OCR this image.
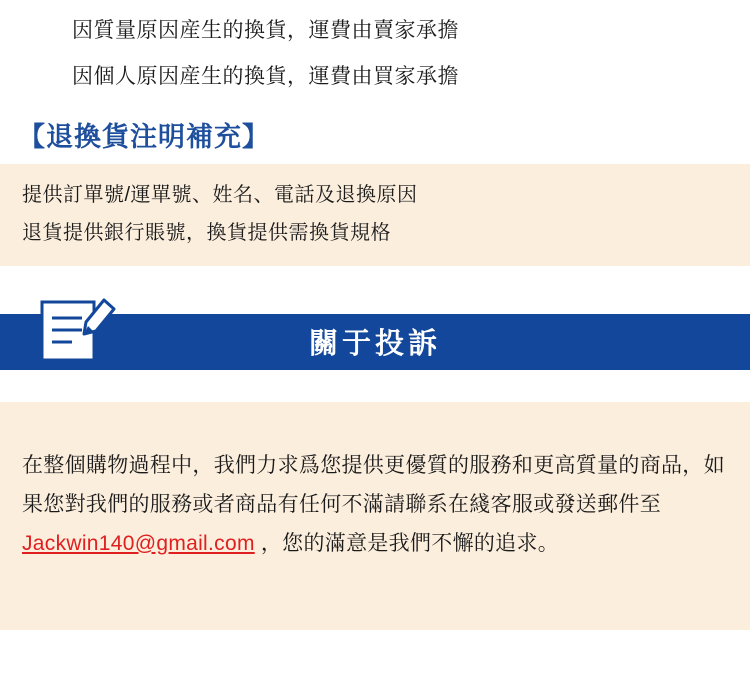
因質量原因産生的換貨，運費由賣家承擔
因個人原因産生的換貨，運費由買家承擔
【退換貨注明補充】
提供訂單號/運單號、姓名、電話及退換原因
退貨提供銀行賬號，換貨提供需換貨規格
關于投訴

在整個購物過程中，我們力求爲您提供更優質的服務和更高質量的商品，如果您對我們的服務或者商品有任何不滿請聯系在綫客服或發送郵件至 Jackwin140@gmail.com ，您的滿意是我們不懈的追求。
